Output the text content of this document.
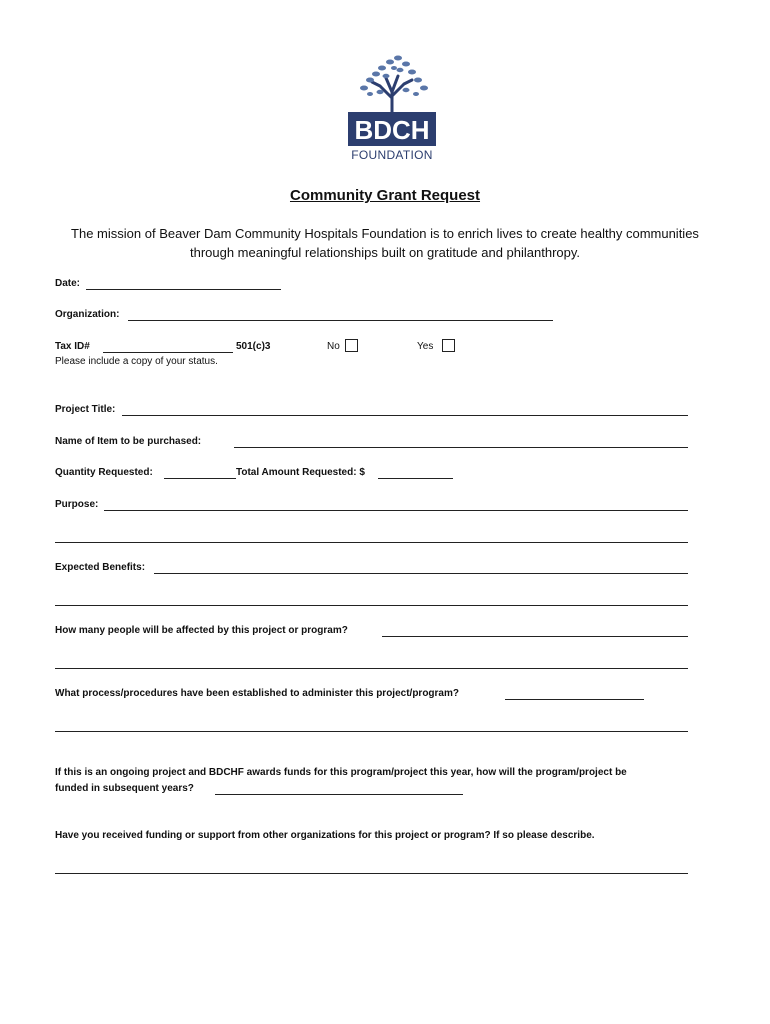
BDCH
FOUNDATION
Community Grant Request
The mission of Beaver Dam Community Hospitals Foundation is to enrich lives to create healthy communities through meaningful relationships built on gratitude and philanthropy.
Date:
Organization:
Tax ID#	501(c)3	No	Yes
Please include a copy of your status.
Project Title:
Name of Item to be purchased:
Quantity Requested:	Total Amount Requested: $
Purpose:
Expected Benefits:
How many people will be affected by this project or program?
What process/procedures have been established to administer this project/program?
If this is an ongoing project and BDCHF awards funds for this program/project this year, how will the program/project be
funded in subsequent years?
Have you received funding or support from other organizations for this project or program? If so please describe.
